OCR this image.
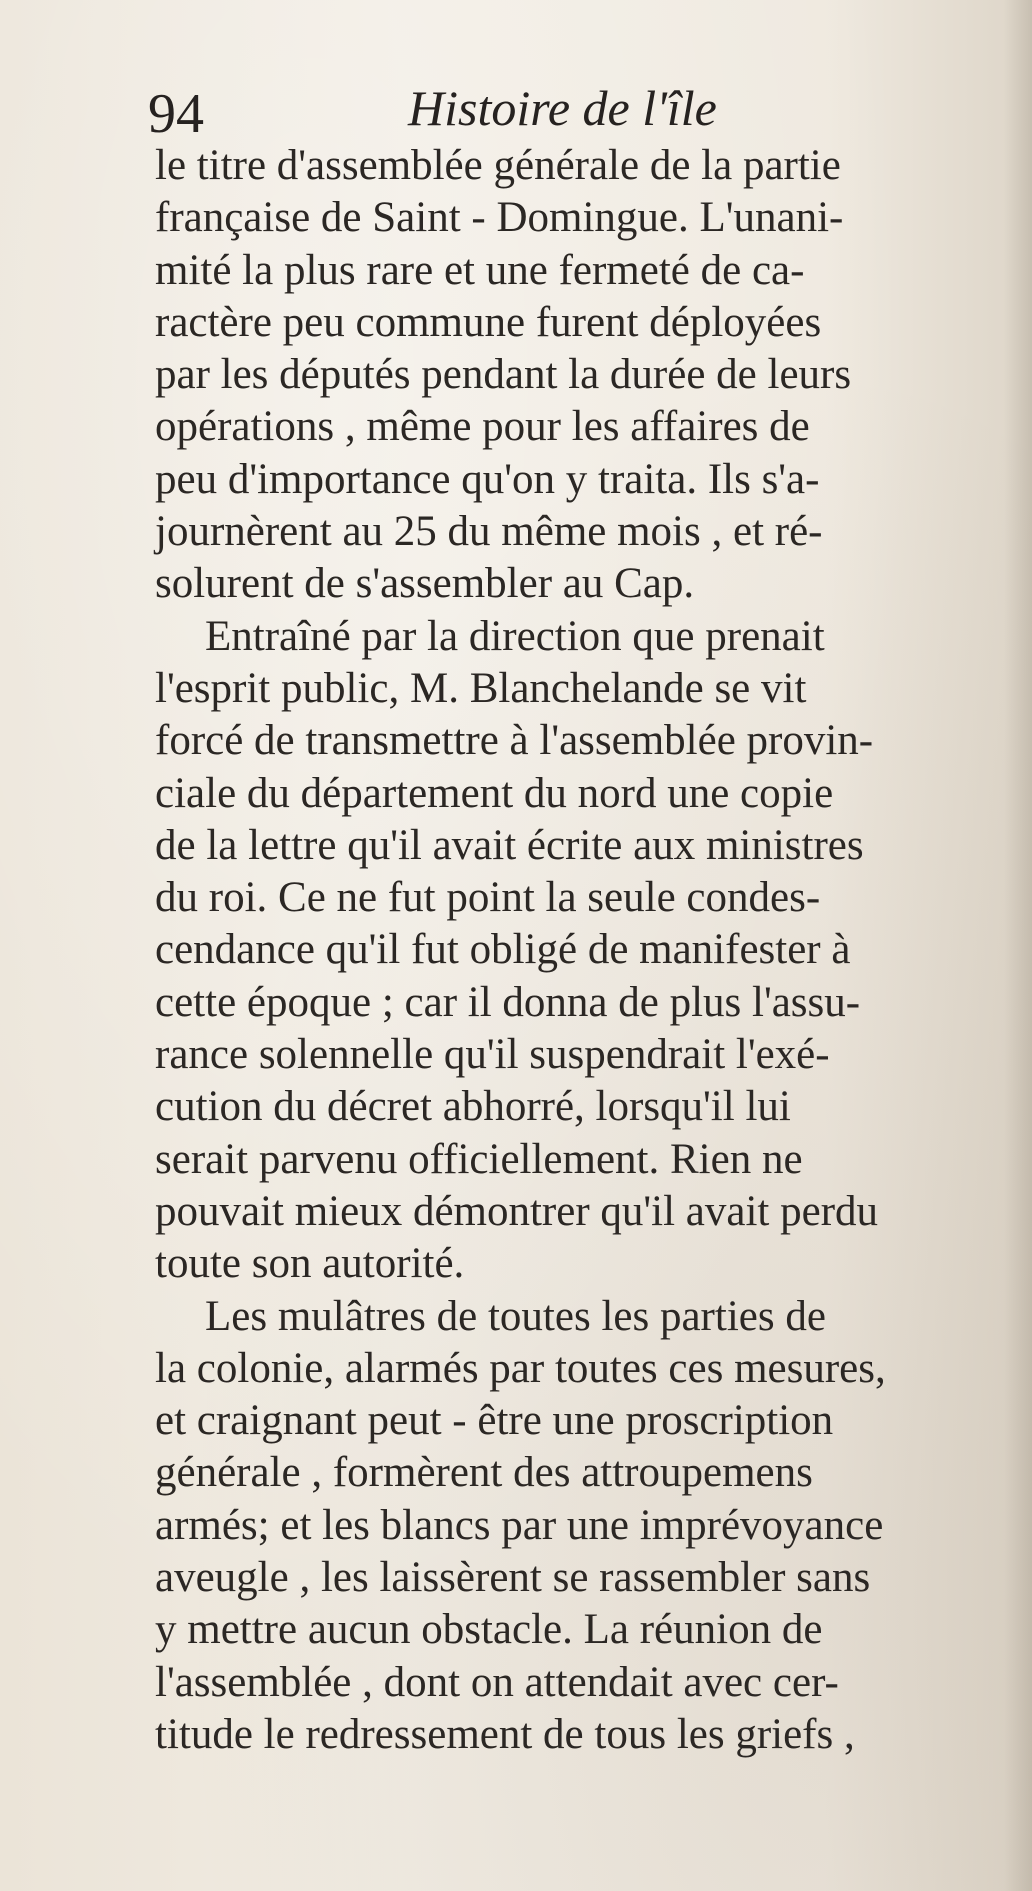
94	Histoire de l'île
le titre d'assemblée générale de la partie
française de Saint - Domingue. L'unani-
mité la plus rare et une fermeté de ca-
ractère peu commune furent déployées
par les députés pendant la durée de leurs
opérations , même pour les affaires de
peu d'importance qu'on y traita. Ils s'a-
journèrent au 25 du même mois , et ré-
solurent de s'assembler au Cap.
Entraîné par la direction que prenait
l'esprit public, M. Blanchelande se vit
forcé de transmettre à l'assemblée provin-
ciale du département du nord une copie
de la lettre qu'il avait écrite aux ministres
du roi. Ce ne fut point la seule condes-
cendance qu'il fut obligé de manifester à
cette époque ; car il donna de plus l'assu-
rance solennelle qu'il suspendrait l'exé-
cution du décret abhorré, lorsqu'il lui
serait parvenu officiellement. Rien ne
pouvait mieux démontrer qu'il avait perdu
toute son autorité.
Les mulâtres de toutes les parties de
la colonie, alarmés par toutes ces mesures,
et craignant peut - être une proscription
générale , formèrent des attroupemens
armés; et les blancs par une imprévoyance
aveugle , les laissèrent se rassembler sans
y mettre aucun obstacle. La réunion de
l'assemblée , dont on attendait avec cer-
titude le redressement de tous les griefs ,
